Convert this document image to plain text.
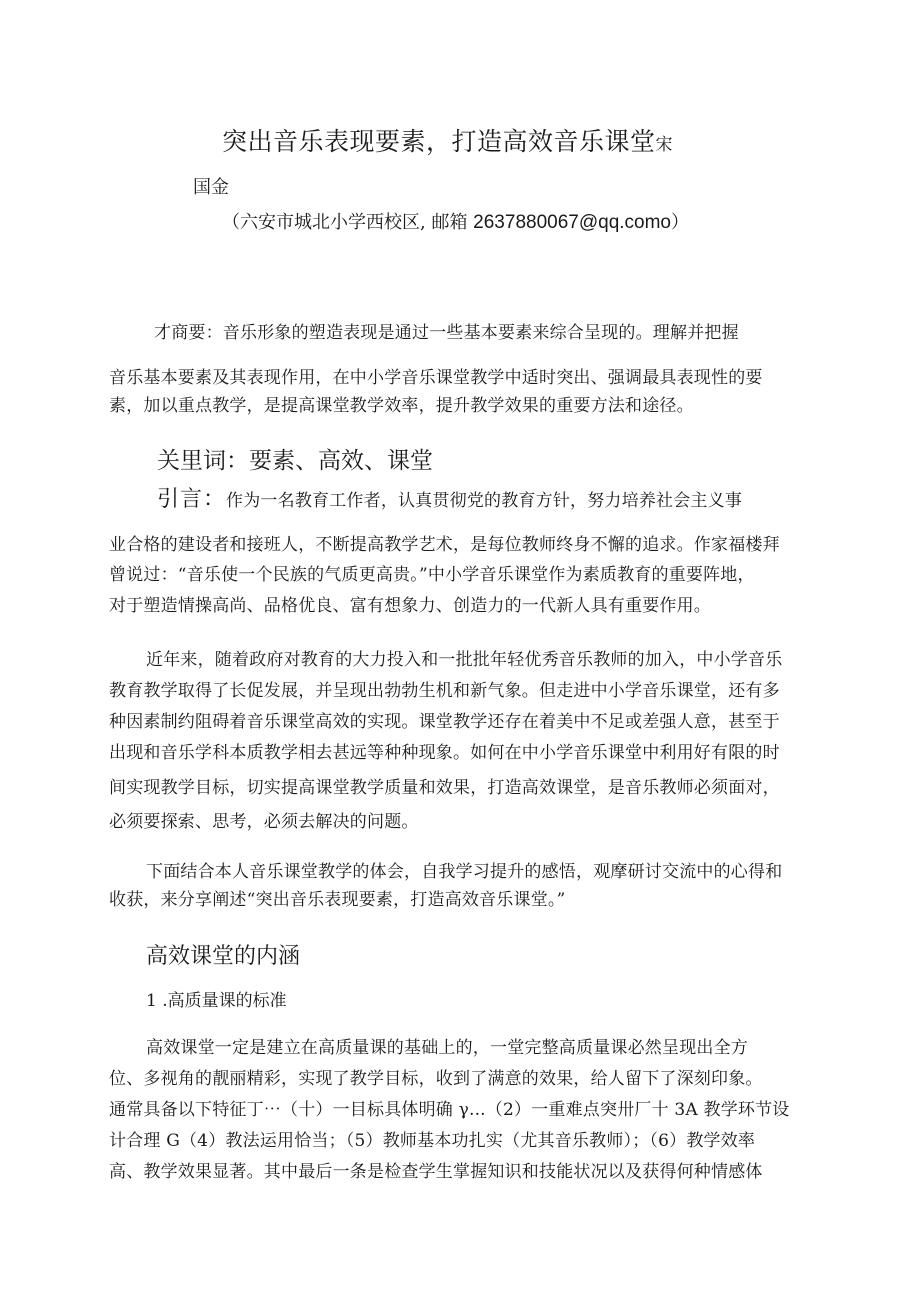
突出音乐表现要素，打造高效音乐课堂宋
国金
（六安市城北小学西校区, 邮箱 2637880067@qq.como）
才商要：音乐形象的塑造表现是通过一些基本要素来综合呈现的。理解并把握
音乐基本要素及其表现作用，在中小学音乐课堂教学中适时突出、强调最具表现性的要
素，加以重点教学，是提高课堂教学效率，提升教学效果的重要方法和途径。
关里词：要素、高效、课堂
引言：作为一名教育工作者，认真贯彻党的教育方针，努力培养社会主义事
业合格的建设者和接班人，不断提高教学艺术，是每位教师终身不懈的追求。作家福楼拜
曾说过：“音乐使一个民族的气质更高贵。”中小学音乐课堂作为素质教育的重要阵地，
对于塑造情操高尚、品格优良、富有想象力、创造力的一代新人具有重要作用。
近年来，随着政府对教育的大力投入和一批批年轻优秀音乐教师的加入，中小学音乐
教育教学取得了长促发展，并呈现出勃勃生机和新气象。但走进中小学音乐课堂，还有多
种因素制约阻碍着音乐课堂高效的实现。课堂教学还存在着美中不足或差强人意，甚至于
出现和音乐学科本质教学相去甚远等种种现象。如何在中小学音乐课堂中利用好有限的时
间实现教学目标，切实提高课堂教学质量和效果，打造高效课堂，是音乐教师必须面对，
必须要探索、思考，必须去解决的问题。
下面结合本人音乐课堂教学的体会，自我学习提升的感悟，观摩研讨交流中的心得和
收获，来分享阐述“突出音乐表现要素，打造高效音乐课堂。”
高效课堂的内涵
1 .高质量课的标准
高效课堂一定是建立在高质量课的基础上的，一堂完整高质量课必然呈现出全方
位、多视角的靓丽精彩，实现了教学目标，收到了满意的效果，给人留下了深刻印象。
通常具备以下特征丁⋯（十）一目标具体明确 γ...（2）一重难点突卅厂十 3A 教学环节设
计合理 G（4）教法运用恰当；（5）教师基本功扎实（尤其音乐教师）；（6）教学效率
高、教学效果显著。其中最后一条是检查学生掌握知识和技能状况以及获得何种情感体
